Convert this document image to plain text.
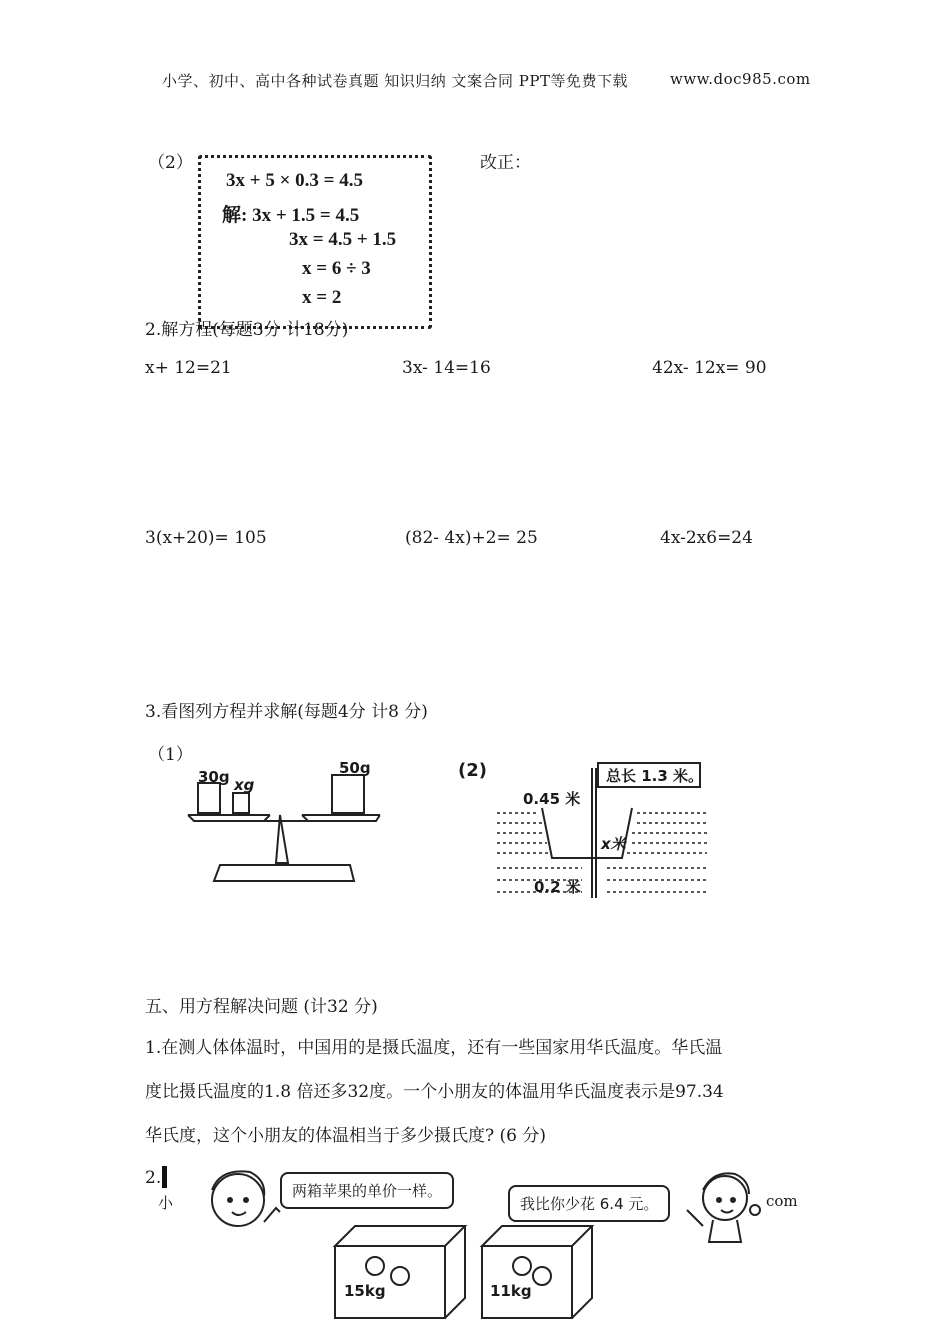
小学、初中、高中各种试卷真题 知识归纳 文案合同 PPT等免费下载	www.doc985.com
（2）
3x + 5 × 0.3 = 4.5
解: 3x + 1.5 = 4.5
3x = 4.5 + 1.5
x = 6 ÷ 3
x = 2
改正：
2.解方程(每题3分 计18分)
x+ 12=21	3x- 14=16	42x- 12x= 90
3(x+20)= 105	(82- 4x)+2= 25	4x-2x6=24
3.看图列方程并求解(每题4分 计8 分)
（1）
30g xg
50g	(2)	总长 1.3 米。
0.45 米
x米
0.2 米
五、用方程解决问题 (计32 分)
1.在测人体体温时，中国用的是摄氏温度，还有一些国家用华氏温度。华氏温
度比摄氏温度的1.8 倍还多32度。一个小朋友的体温用华氏温度表示是97.34
华氏度，这个小朋友的体温相当于多少摄氏度? (6 分)
2.
小	com
两箱苹果的单价一样。
我比你少花 6.4 元。
15kg	11kg
